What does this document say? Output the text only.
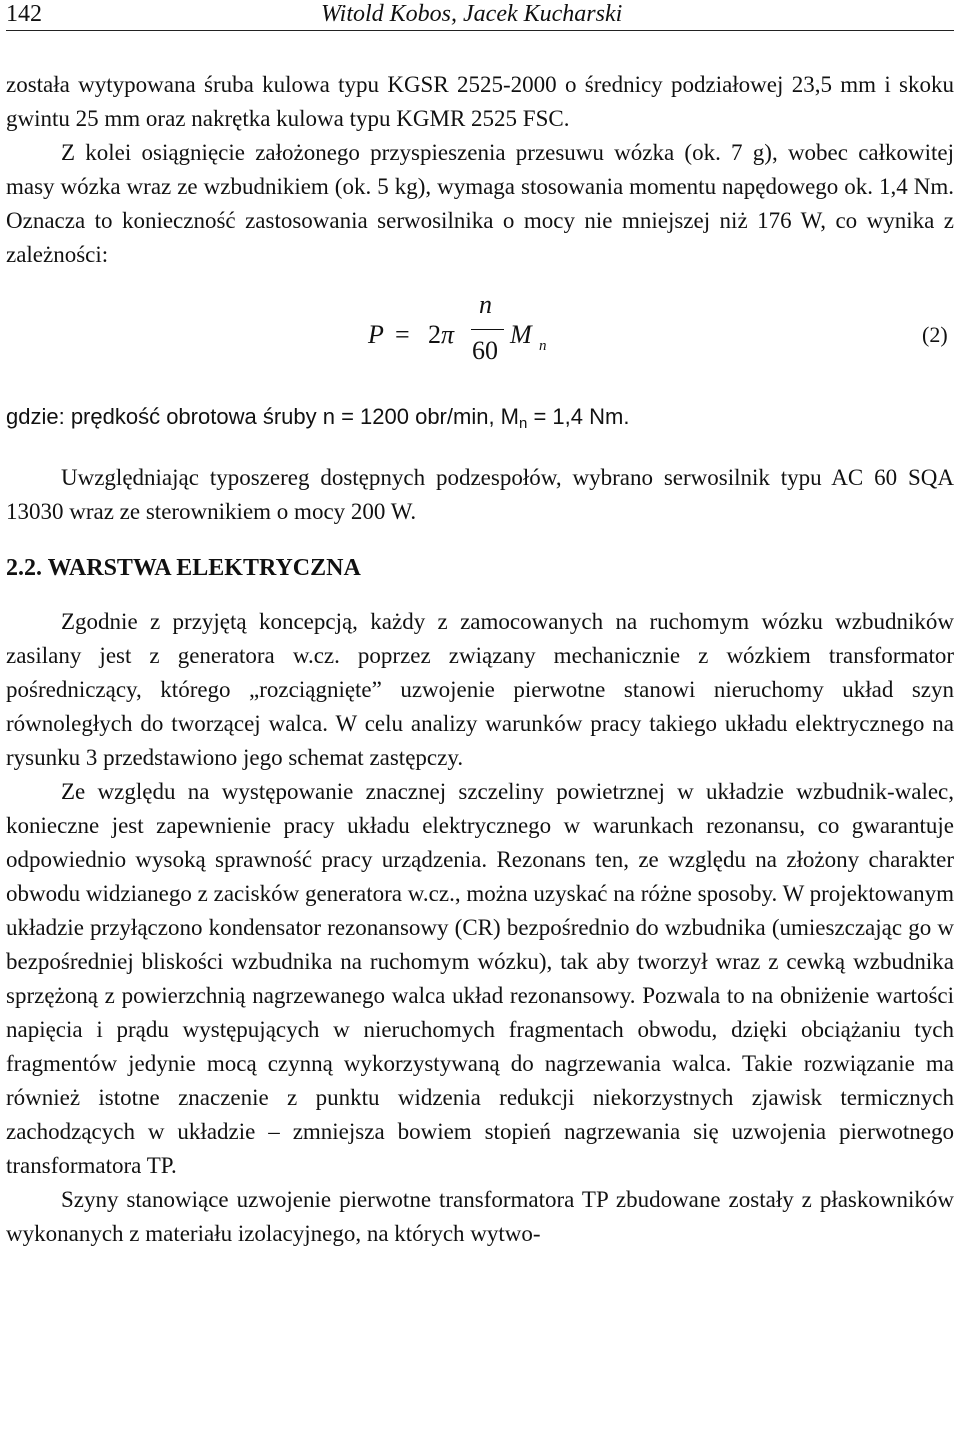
142	Witold Kobos, Jacek Kucharski

została wytypowana śruba kulowa typu KGSR 2525-2000 o średnicy podziałowej 23,5 mm i skoku gwintu 25 mm oraz nakrętka kulowa typu KGMR 2525 FSC.

Z kolei osiągnięcie założonego przyspieszenia przesuwu wózka (ok. 7 g), wobec całkowitej masy wózka wraz ze wzbudnikiem (ok. 5 kg), wymaga stosowania momentu napędowego ok. 1,4 Nm. Oznacza to konieczność zastosowania serwosilnika o mocy nie mniejszej niż 176 W, co wynika z zależności:

P = 2π
n
60
M n	(2)

gdzie: prędkość obrotowa śruby n = 1200 obr/min, $M_n = 1,4$ Nm.

Uwzględniając typoszereg dostępnych podzespołów, wybrano serwosilnik typu AC 60 SQA 13030 wraz ze sterownikiem o mocy 200 W.

2.2. WARSTWA ELEKTRYCZNA

Zgodnie z przyjętą koncepcją, każdy z zamocowanych na ruchomym wózku wzbudników zasilany jest z generatora w.cz. poprzez związany mechanicznie z wózkiem transformator pośredniczący, którego „rozciągnięte” uzwojenie pierwotne stanowi nieruchomy układ szyn równoległych do tworzącej walca. W celu analizy warunków pracy takiego układu elektrycznego na rysunku 3 przedstawiono jego schemat zastępczy.

Ze względu na występowanie znacznej szczeliny powietrznej w układzie wzbudnik-walec, konieczne jest zapewnienie pracy układu elektrycznego w warunkach rezonansu, co gwarantuje odpowiednio wysoką sprawność pracy urządzenia. Rezonans ten, ze względu na złożony charakter obwodu widzianego z zacisków generatora w.cz., można uzyskać na różne sposoby. W projektowanym układzie przyłączono kondensator rezonansowy (CR) bezpośrednio do wzbudnika (umieszczając go w bezpośredniej bliskości wzbudnika na ruchomym wózku), tak aby tworzył wraz z cewką wzbudnika sprzężoną z powierzchnią nagrzewanego walca układ rezonansowy. Pozwala to na obniżenie wartości napięcia i prądu występujących w nieruchomych fragmentach obwodu, dzięki obciążaniu tych fragmentów jedynie mocą czynną wykorzystywaną do nagrzewania walca. Takie rozwiązanie ma również istotne znaczenie z punktu widzenia redukcji niekorzystnych zjawisk termicznych zachodzących w układzie – zmniejsza bowiem stopień nagrzewania się uzwojenia pierwotnego transformatora TP.

Szyny stanowiące uzwojenie pierwotne transformatora TP zbudowane zostały z płaskowników wykonanych z materiału izolacyjnego, na których wytwo-
